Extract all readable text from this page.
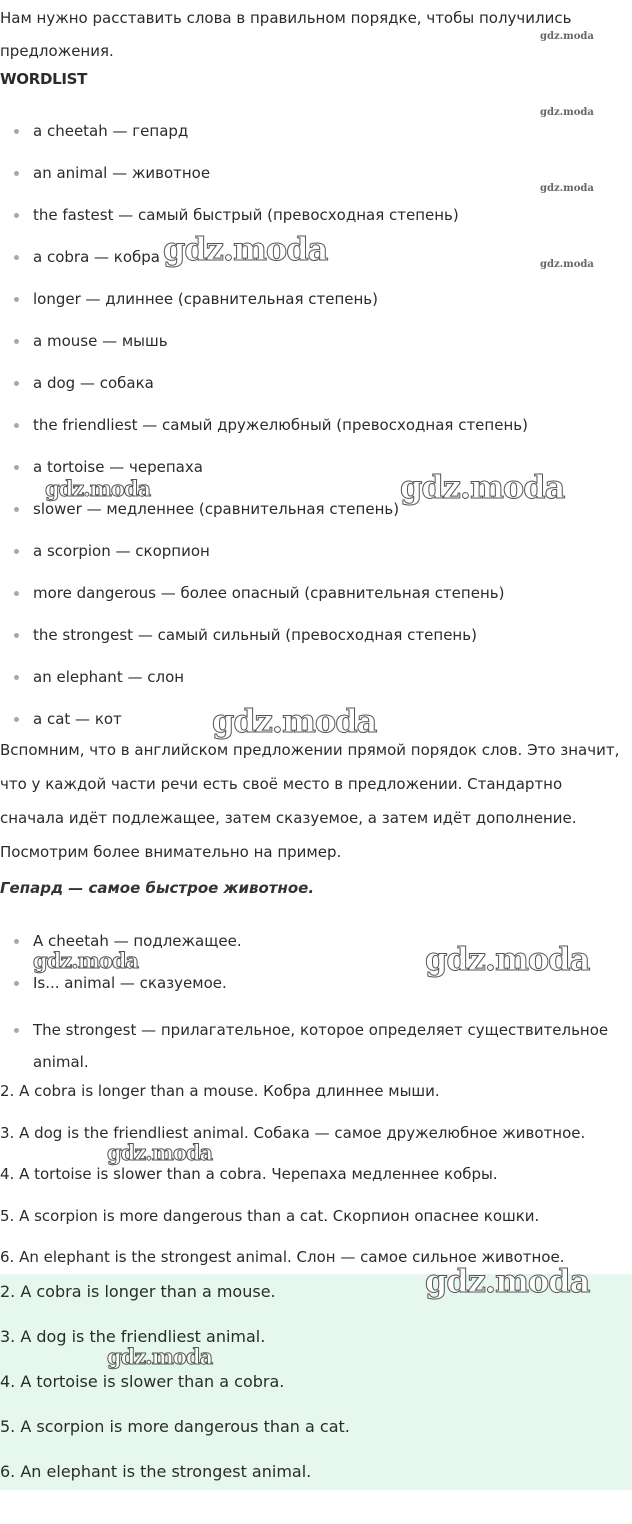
Нам нужно расставить слова в правильном порядке, чтобы получились предложения.

WORDLIST
a cheetah — гепард
an animal — животное
the fastest — самый быстрый (превосходная степень)
a cobra — кобра
longer — длиннее (сравнительная степень)
a mouse — мышь
a dog — собака
the friendliest — самый дружелюбный (превосходная степень)
a tortoise — черепаха
slower — медленнее (сравнительная степень)
a scorpion — скорпион
more dangerous — более опасный (сравнительная степень)
the strongest — самый сильный (превосходная степень)
an elephant — слон
a cat — кот

Вспомним, что в английском предложении прямой порядок слов. Это значит, что у каждой части речи есть своё место в предложении. Стандартно сначала идёт подлежащее, затем сказуемое, а затем идёт дополнение. Посмотрим более внимательно на пример.

Гепард — самое быстрое животное.

A cheetah — подлежащее.
Is... animal — сказуемое.
The strongest — прилагательное, которое определяет существительное animal.
2. A cobra is longer than a mouse. Кобра длиннее мыши.
3. A dog is the friendliest animal. Собака — самое дружелюбное животное.
4. A tortoise is slower than a cobra. Черепаха медленнее кобры.
5. A scorpion is more dangerous than a cat. Скорпион опаснее кошки.
6. An elephant is the strongest animal. Слон — самое сильное животное.
2. A cobra is longer than a mouse.
3. A dog is the friendliest animal.
4. A tortoise is slower than a cobra.
5. A scorpion is more dangerous than a cat.
6. An elephant is the strongest animal.
gdz.moda
gdz.moda
gdz.moda
gdz.moda
gdz.moda
gdz.moda	gdz.moda
gdz.moda
gdz.moda	gdz.moda
gdz.moda
gdz.moda
gdz.moda
